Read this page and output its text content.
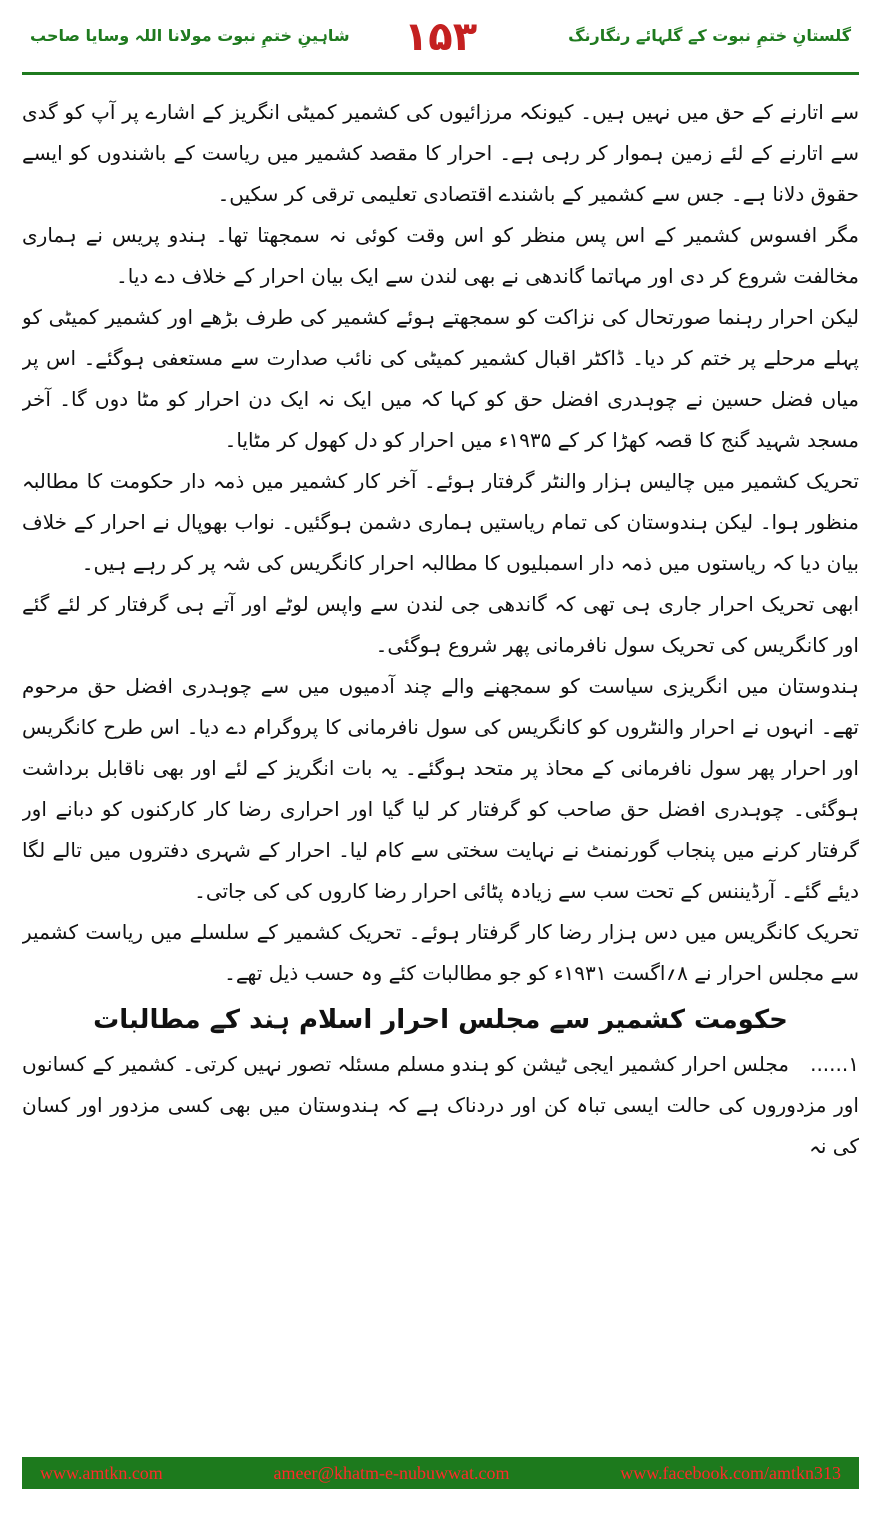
گلستانِ ختمِ نبوت کے گلہائے رنگارنگ
۱۵۳
شاہینِ ختمِ نبوت مولانا اللہ وسایا صاحب

سے اتارنے کے حق میں نہیں ہیں۔ کیونکہ مرزائیوں کی کشمیر کمیٹی انگریز کے اشارے پر آپ کو گدی سے اتارنے کے لئے زمین ہموار کر رہی ہے۔ احرار کا مقصد کشمیر میں ریاست کے باشندوں کو ایسے حقوق دلانا ہے۔ جس سے کشمیر کے باشندے اقتصادی تعلیمی ترقی کر سکیں۔

مگر افسوس کشمیر کے اس پس منظر کو اس وقت کوئی نہ سمجھتا تھا۔ ہندو پریس نے ہماری مخالفت شروع کر دی اور مہاتما گاندھی نے بھی لندن سے ایک بیان احرار کے خلاف دے دیا۔

لیکن احرار رہنما صورتحال کی نزاکت کو سمجھتے ہوئے کشمیر کی طرف بڑھے اور کشمیر کمیٹی کو پہلے مرحلے پر ختم کر دیا۔ ڈاکٹر اقبال کشمیر کمیٹی کی نائب صدارت سے مستعفی ہوگئے۔ اس پر میاں فضل حسین نے چوہدری افضل حق کو کہا کہ میں ایک نہ ایک دن احرار کو مٹا دوں گا۔ آخر مسجد شہید گنج کا قصہ کھڑا کر کے ۱۹۳۵ء میں احرار کو دل کھول کر مٹایا۔

تحریک کشمیر میں چالیس ہزار والنٹر گرفتار ہوئے۔ آخر کار کشمیر میں ذمہ دار حکومت کا مطالبہ منظور ہوا۔ لیکن ہندوستان کی تمام ریاستیں ہماری دشمن ہوگئیں۔ نواب بھوپال نے احرار کے خلاف بیان دیا کہ ریاستوں میں ذمہ دار اسمبلیوں کا مطالبہ احرار کانگریس کی شہ پر کر رہے ہیں۔

ابھی تحریک احرار جاری ہی تھی کہ گاندھی جی لندن سے واپس لوٹے اور آتے ہی گرفتار کر لئے گئے اور کانگریس کی تحریک سول نافرمانی پھر شروع ہوگئی۔

ہندوستان میں انگریزی سیاست کو سمجھنے والے چند آدمیوں میں سے چوہدری افضل حق مرحوم تھے۔ انہوں نے احرار والنٹروں کو کانگریس کی سول نافرمانی کا پروگرام دے دیا۔ اس طرح کانگریس اور احرار پھر سول نافرمانی کے محاذ پر متحد ہوگئے۔ یہ بات انگریز کے لئے اور بھی ناقابل برداشت ہوگئی۔ چوہدری افضل حق صاحب کو گرفتار کر لیا گیا اور احراری رضا کار کارکنوں کو دبانے اور گرفتار کرنے میں پنجاب گورنمنٹ نے نہایت سختی سے کام لیا۔ احرار کے شہری دفتروں میں تالے لگا دیئے گئے۔ آرڈیننس کے تحت سب سے زیادہ پٹائی احرار رضا کاروں کی کی جاتی۔

تحریک کانگریس میں دس ہزار رضا کار گرفتار ہوئے۔ تحریک کشمیر کے سلسلے میں ریاست کشمیر سے مجلس احرار نے ۸؍اگست ۱۹۳۱ء کو جو مطالبات کئے وہ حسب ذیل تھے۔

حکومت کشمیر سے مجلس احرار اسلام ہند کے مطالبات

۱......مجلس احرار کشمیر ایجی ٹیشن کو ہندو مسلم مسئلہ تصور نہیں کرتی۔ کشمیر کے کسانوں اور مزدوروں کی حالت ایسی تباہ کن اور دردناک ہے کہ ہندوستان میں بھی کسی مزدور اور کسان کی نہ

www.amtkn.com	ameer@khatm-e-nubuwwat.com	www.facebook.com/amtkn313
